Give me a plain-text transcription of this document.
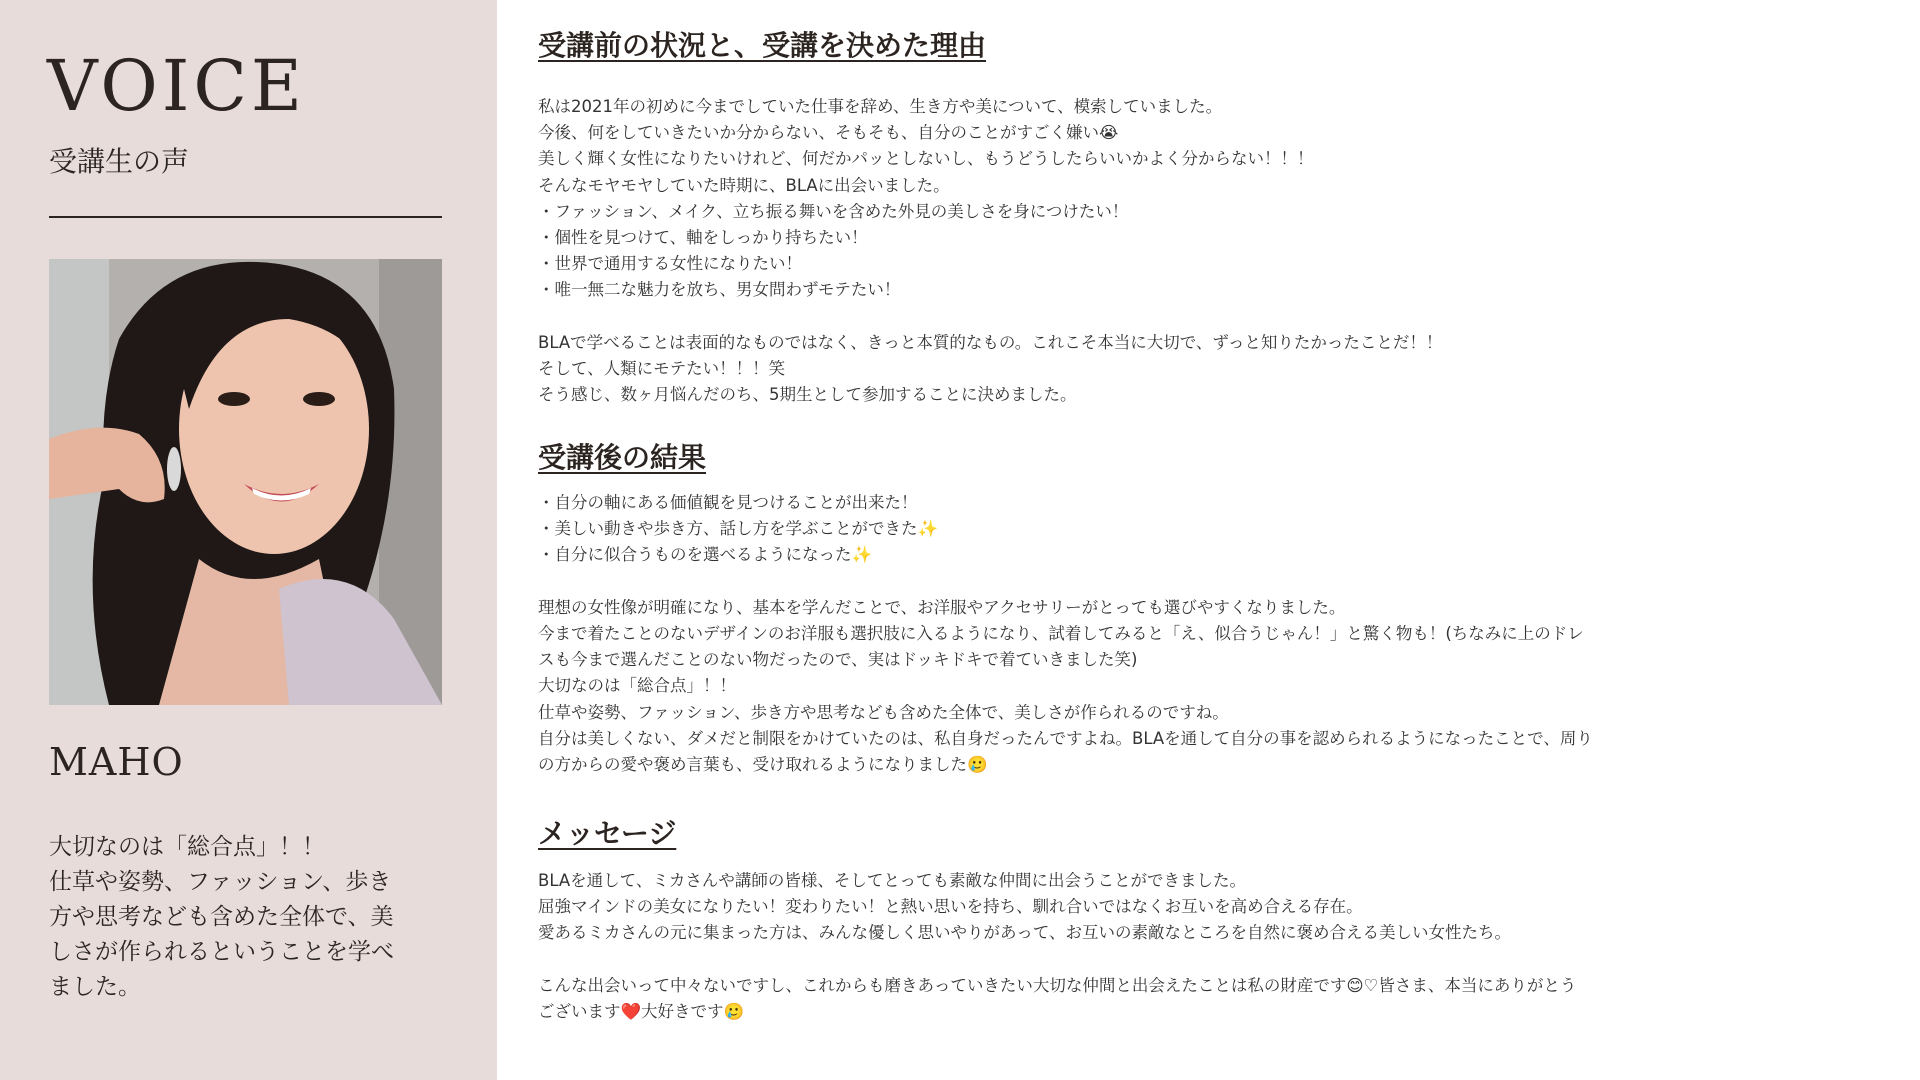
VOICE
受講生の声
MAHO
大切なのは「総合点」！！
仕草や姿勢、ファッション、歩き
方や思考なども含めた全体で、美
しさが作られるということを学べ
ました。
受講前の状況と、受講を決めた理由
私は2021年の初めに今までしていた仕事を辞め、生き方や美について、模索していました。
今後、何をしていきたいか分からない、そもそも、自分のことがすごく嫌い😭
美しく輝く女性になりたいけれど、何だかパッとしないし、もうどうしたらいいかよく分からない！！！
そんなモヤモヤしていた時期に、BLAに出会いました。
・ファッション、メイク、立ち振る舞いを含めた外見の美しさを身につけたい！
・個性を見つけて、軸をしっかり持ちたい！
・世界で通用する女性になりたい！
・唯一無二な魅力を放ち、男女問わずモテたい！
BLAで学べることは表面的なものではなく、きっと本質的なもの。これこそ本当に大切で、ずっと知りたかったことだ！！
そして、人類にモテたい！！！笑
そう感じ、数ヶ月悩んだのち、5期生として参加することに決めました。
受講後の結果
・自分の軸にある価値観を見つけることが出来た！
・美しい動きや歩き方、話し方を学ぶことができた✨
・自分に似合うものを選べるようになった✨
理想の女性像が明確になり、基本を学んだことで、お洋服やアクセサリーがとっても選びやすくなりました。
今まで着たことのないデザインのお洋服も選択肢に入るようになり、試着してみると「え、似合うじゃん！」と驚く物も！(ちなみに上のドレ
スも今まで選んだことのない物だったので、実はドッキドキで着ていきました笑)
大切なのは「総合点」！！
仕草や姿勢、ファッション、歩き方や思考なども含めた全体で、美しさが作られるのですね。
自分は美しくない、ダメだと制限をかけていたのは、私自身だったんですよね。BLAを通して自分の事を認められるようになったことで、周り
の方からの愛や褒め言葉も、受け取れるようになりました🥲
メッセージ
BLAを通して、ミカさんや講師の皆様、そしてとっても素敵な仲間に出会うことができました。
屈強マインドの美女になりたい！変わりたい！と熱い思いを持ち、馴れ合いではなくお互いを高め合える存在。
愛あるミカさんの元に集まった方は、みんな優しく思いやりがあって、お互いの素敵なところを自然に褒め合える美しい女性たち。
こんな出会いって中々ないですし、これからも磨きあっていきたい大切な仲間と出会えたことは私の財産です😊♡皆さま、本当にありがとう
ございます❤️大好きです🥲
